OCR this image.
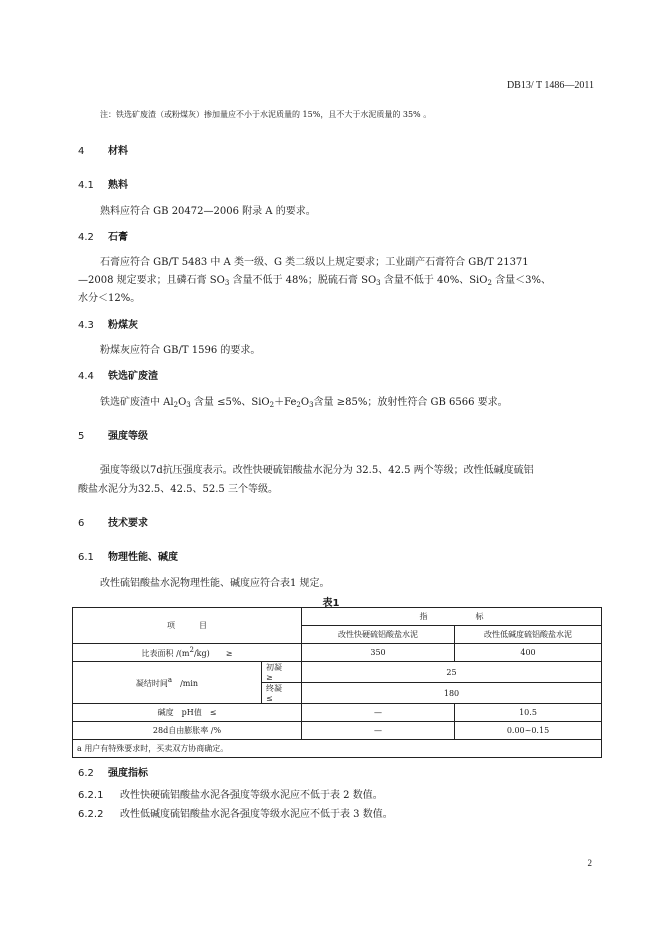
DB13/ T 1486—2011
注：铁选矿废渣（或粉煤灰）掺加量应不小于水泥质量的 15%，且不大于水泥质量的 35% 。
4 材料
4.1 熟料
熟料应符合 GB 20472—2006 附录 A 的要求。
4.2 石膏
石膏应符合 GB/T 5483 中 A 类一级、G 类二级以上规定要求；工业副产石膏符合 GB/T 21371
—2008 规定要求；且磷石膏 $SO_3$ 含量不低于 48%；脱硫石膏 $SO_3$ 含量不低于 40%、SiO$_2$ 含量＜3%、
水分＜12%。
4.3 粉煤灰
粉煤灰应符合 GB/T 1596 的要求。
4.4 铁选矿废渣
铁选矿废渣中 $Al_2O_3$ 含量 ≤5%、$SiO_2+Fe_2O_3$含量 ≥85%；放射性符合 GB 6566 要求。
5 强度等级
强度等级以7d抗压强度表示。改性快硬硫铝酸盐水泥分为 32.5、42.5 两个等级；改性低碱度硫铝
酸盐水泥分为32.5、42.5、52.5 三个等级。
6 技术要求
6.1 物理性能、碱度
改性硫铝酸盐水泥物理性能、碱度应符合表1 规定。
表1
项　　　目		指　　　　　　标	
		改性快硬硫铝酸盐水泥	改性低碱度硫铝酸盐水泥
比表面积 /(m2/kg)　　≥		350	400
凝结时间a　 /min	初凝　　　≥	25	
	终凝　　　≤	180	
碱度　pH值　≤		—	10.5
28d自由膨胀率 /%		—	0.00~0.15
a 用户有特殊要求时，买卖双方协商确定。			
6.2 强度指标
6.2.1 改性快硬硫铝酸盐水泥各强度等级水泥应不低于表 2 数值。
6.2.2 改性低碱度硫铝酸盐水泥各强度等级水泥应不低于表 3 数值。
2
